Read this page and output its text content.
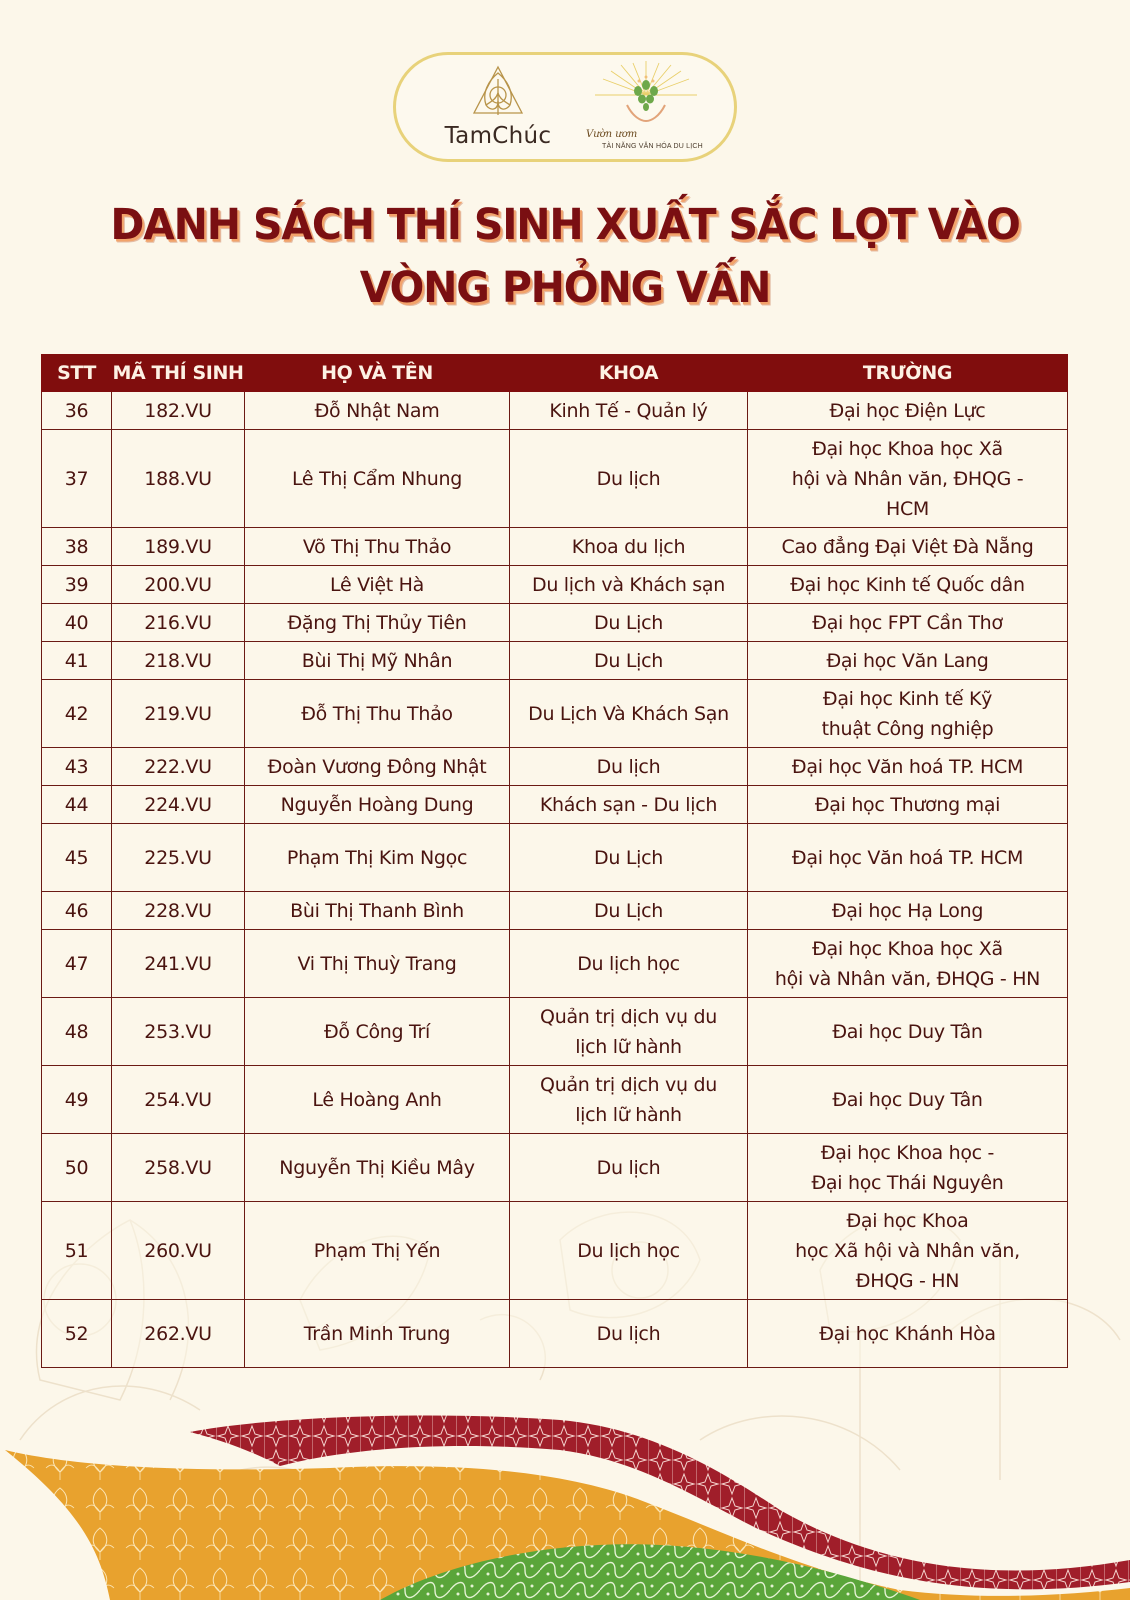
TamChúc	Vườn ươm
TÀI NĂNG VĂN HÓA DU LỊCH
DANH SÁCH THÍ SINH XUẤT SẮC LỌT VÀO
VÒNG PHỎNG VẤN
STT	MÃ THÍ SINH	HỌ VÀ TÊN	KHOA	TRƯỜNG
36	182.VU	Đỗ Nhật Nam	Kinh Tế - Quản lý	Đại học Điện Lực

37	188.VU	Lê Thị Cẩm Nhung	Du lịch	Đại học Khoa học Xã
hội và Nhân văn, ĐHQG -
HCM

38	189.VU	Võ Thị Thu Thảo	Khoa du lịch	Cao đẳng Đại Việt Đà Nẵng

39	200.VU	Lê Việt Hà	Du lịch và Khách sạn	Đại học Kinh tế Quốc dân

40	216.VU	Đặng Thị Thủy Tiên	Du Lịch	Đại học FPT Cần Thơ

41	218.VU	Bùi Thị Mỹ Nhân	Du Lịch	Đại học Văn Lang

42	219.VU	Đỗ Thị Thu Thảo	Du Lịch Và Khách Sạn	Đại học Kinh tế Kỹ
thuật Công nghiệp

43	222.VU	Đoàn Vương Đông Nhật	Du lịch	Đại học Văn hoá TP. HCM

44	224.VU	Nguyễn Hoàng Dung	Khách sạn - Du lịch	Đại học Thương mại

45	225.VU	Phạm Thị Kim Ngọc	Du Lịch	Đại học Văn hoá TP. HCM

46	228.VU	Bùi Thị Thanh Bình	Du Lịch	Đại học Hạ Long

47	241.VU	Vi Thị Thuỳ Trang	Du lịch học	Đại học Khoa học Xã
hội và Nhân văn, ĐHQG - HN

48	253.VU	Đỗ Công Trí	Quản trị dịch vụ du
lịch lữ hành	Đai học Duy Tân

49	254.VU	Lê Hoàng Anh	Quản trị dịch vụ du
lịch lữ hành	Đai học Duy Tân

50	258.VU	Nguyễn Thị Kiều Mây	Du lịch	Đại học Khoa học -
Đại học Thái Nguyên

51	260.VU	Phạm Thị Yến	Du lịch học	Đại học Khoa
học Xã hội và Nhân văn,
ĐHQG - HN

52	262.VU	Trần Minh Trung	Du lịch	Đại học Khánh Hòa
